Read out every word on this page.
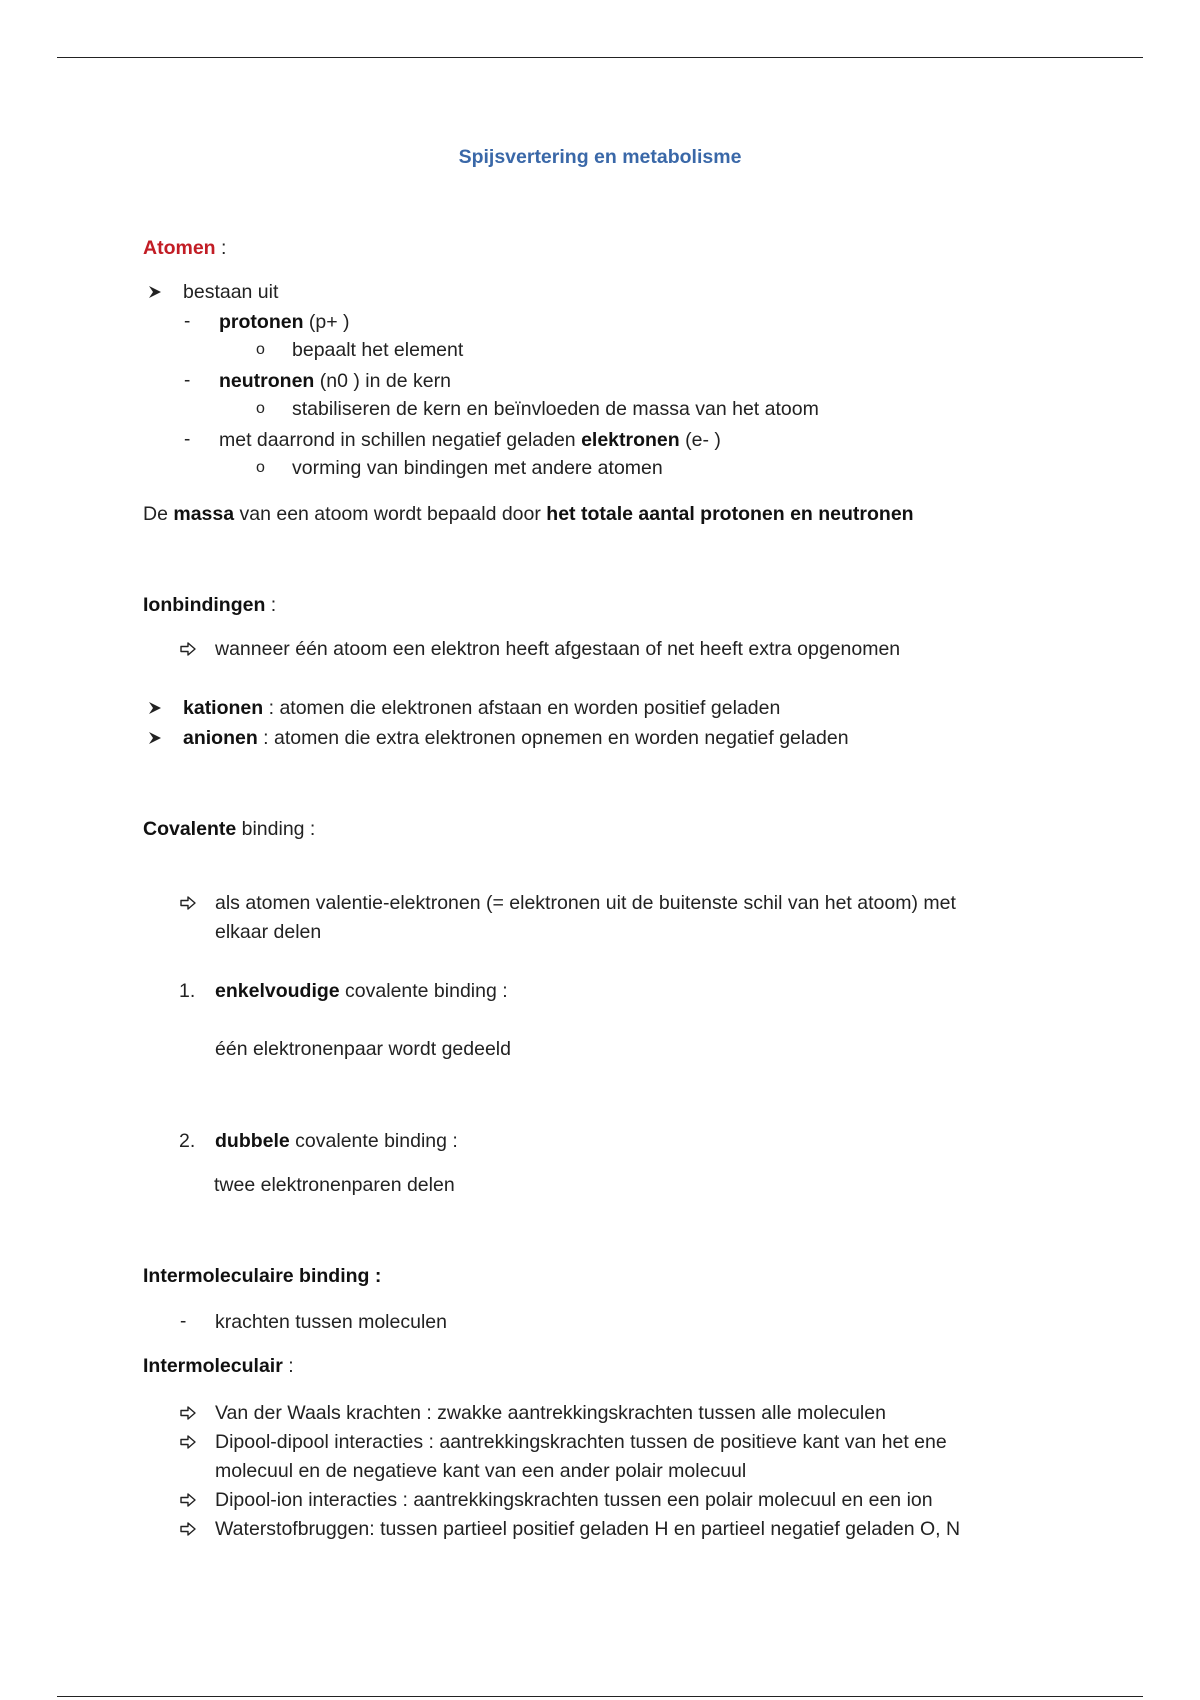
Spijsvertering en metabolisme
Atomen :
bestaan uit
- protonen (p+ )
o bepaalt het element
- neutronen (n0 ) in de kern
o stabiliseren de kern en beïnvloeden de massa van het atoom
- met daarrond in schillen negatief geladen elektronen (e- )
o vorming van bindingen met andere atomen
De massa van een atoom wordt bepaald door het totale aantal protonen en neutronen
Ionbindingen :
wanneer één atoom een elektron heeft afgestaan of net heeft extra opgenomen
kationen : atomen die elektronen afstaan en worden positief geladen
anionen : atomen die extra elektronen opnemen en worden negatief geladen
Covalente binding :
als atomen valentie-elektronen (= elektronen uit de buitenste schil van het atoom) met
elkaar delen
1. enkelvoudige covalente binding :
één elektronenpaar wordt gedeeld
2. dubbele covalente binding :
twee elektronenparen delen
Intermoleculaire binding :
- krachten tussen moleculen
Intermoleculair :
Van der Waals krachten : zwakke aantrekkingskrachten tussen alle moleculen
Dipool-dipool interacties : aantrekkingskrachten tussen de positieve kant van het ene
molecuul en de negatieve kant van een ander polair molecuul
Dipool-ion interacties : aantrekkingskrachten tussen een polair molecuul en een ion
Waterstofbruggen: tussen partieel positief geladen H en partieel negatief geladen O, N
